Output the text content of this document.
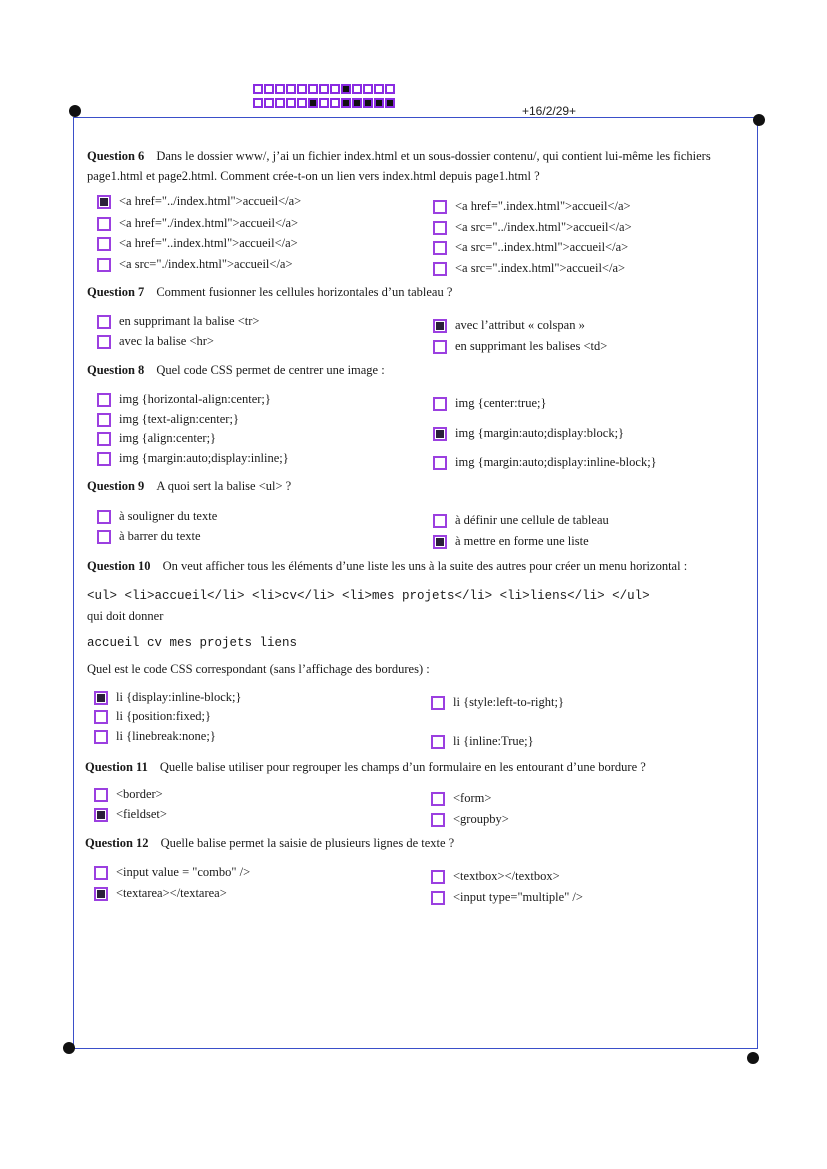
+16/2/29+
Question 6 Dans le dossier www/, j’ai un fichier index.html et un sous-dossier contenu/, qui contient lui-même les fichiers
page1.html et page2.html. Comment crée-t-on un lien vers index.html depuis page1.html ?
<a href="../index.html">accueil</a>
<a href="./index.html">accueil</a>
<a href="..index.html">accueil</a>
<a src="./index.html">accueil</a>
<a href=".index.html">accueil</a>
<a src="../index.html">accueil</a>
<a src="..index.html">accueil</a>
<a src=".index.html">accueil</a>
Question 7 Comment fusionner les cellules horizontales d’un tableau ?
en supprimant la balise <tr>
avec la balise <hr>
avec l’attribut « colspan »
en supprimant les balises <td>
Question 8 Quel code CSS permet de centrer une image :
img {horizontal-align:center;}
img {text-align:center;}
img {align:center;}
img {margin:auto;display:inline;}
img {center:true;}
img {margin:auto;display:block;}
img {margin:auto;display:inline-block;}
Question 9 A quoi sert la balise <ul> ?
à souligner du texte
à barrer du texte
à définir une cellule de tableau
à mettre en forme une liste
Question 10 On veut afficher tous les éléments d’une liste les uns à la suite des autres pour créer un menu horizontal :
<ul> <li>accueil</li> <li>cv</li> <li>mes projets</li> <li>liens</li> </ul>
qui doit donner
accueil cv mes projets liens
Quel est le code CSS correspondant (sans l’affichage des bordures) :
li {display:inline-block;}
li {position:fixed;}
li {linebreak:none;}
li {style:left-to-right;}
li {inline:True;}
Question 11 Quelle balise utiliser pour regrouper les champs d’un formulaire en les entourant d’une bordure ?
<border>
<fieldset>
<form>
<groupby>
Question 12 Quelle balise permet la saisie de plusieurs lignes de texte ?
<input value = "combo" />
<textarea></textarea>
<textbox></textbox>
<input type="multiple" />
